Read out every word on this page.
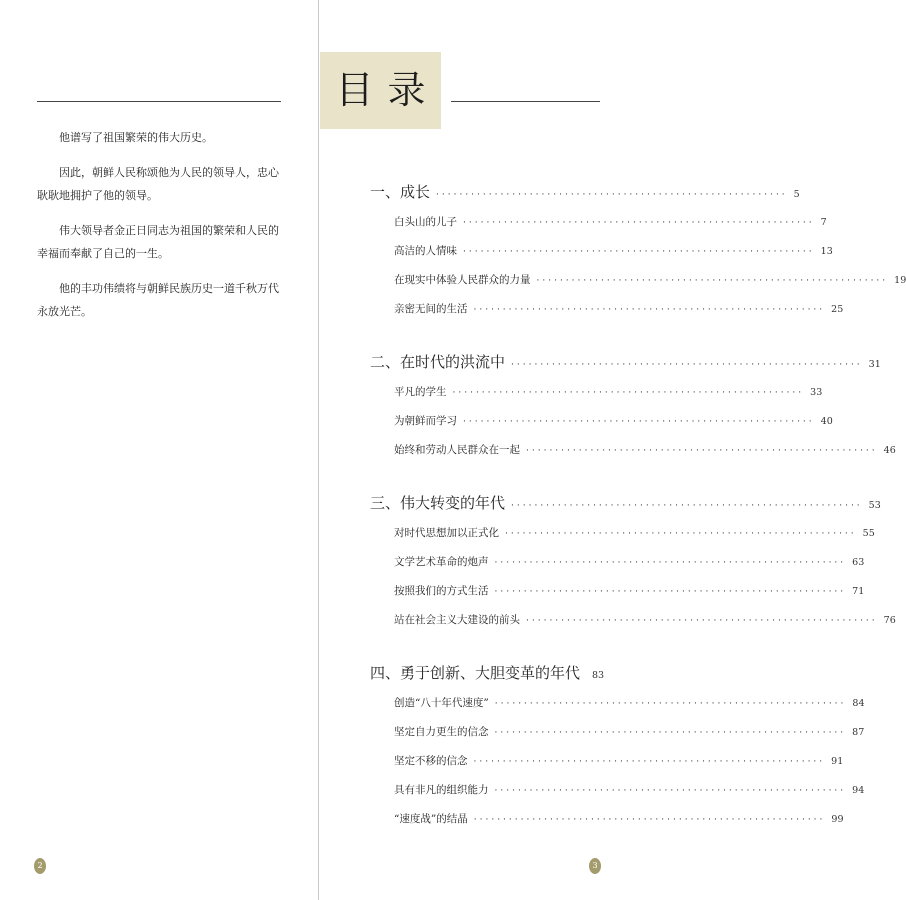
他谱写了祖国繁荣的伟大历史。

因此，朝鲜人民称颂他为人民的领导人，忠心耿耿地拥护了他的领导。

伟大领导者金正日同志为祖国的繁荣和人民的幸福而奉献了自己的一生。

他的丰功伟绩将与朝鲜民族历史一道千秋万代永放光芒。

2
目录
一、成长 ···························································· 5
白头山的儿子 ···························································· 7
高洁的人情味 ···························································· 13
在现实中体验人民群众的力量 ···························································· 19
亲密无间的生活 ···························································· 25
二、在时代的洪流中 ···························································· 31
平凡的学生 ···························································· 33
为朝鲜而学习 ···························································· 40
始终和劳动人民群众在一起 ···························································· 46
三、伟大转变的年代 ···························································· 53
对时代思想加以正式化 ···························································· 55
文学艺术革命的炮声 ···························································· 63
按照我们的方式生活 ···························································· 71
站在社会主义大建设的前头 ···························································· 76
四、勇于创新、大胆变革的年代 83
创造“八十年代速度” ···························································· 84
坚定自力更生的信念 ···························································· 87
坚定不移的信念 ···························································· 91
具有非凡的组织能力 ···························································· 94
“速度战”的结晶 ···························································· 99
3
